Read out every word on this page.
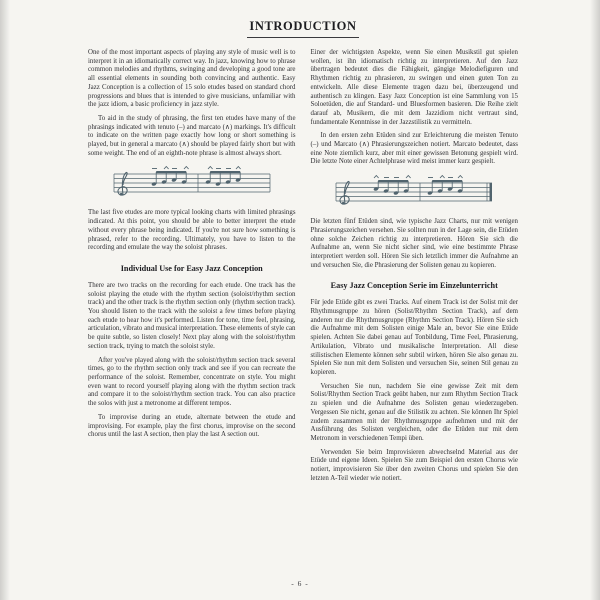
INTRODUCTION

One of the most important aspects of playing any style of music well is to interpret it in an idiomatically correct way. In jazz, knowing how to phrase common melodies and rhythms, swinging and developing a good tone are all essential elements in sounding both convincing and authentic. Easy Jazz Conception is a collection of 15 solo etudes based on standard chord progressions and blues that is intended to give musicians, unfamiliar with the jazz idiom, a basic proficiency in jazz style.

To aid in the study of phrasing, the first ten etudes have many of the phrasings indicated with tenuto (–) and marcato (∧) markings. It's difficult to indicate on the written page exactly how long or short something is played, but in general a marcato (∧) should be played fairly short but with some weight. The end of an eighth-note phrase is almost always short.

The last five etudes are more typical looking charts with limited phrasings indicated. At this point, you should be able to better interpret the etude without every phrase being indicated. If you're not sure how something is phrased, refer to the recording. Ultimately, you have to listen to the recording and emulate the way the soloist phrases.

Individual Use for Easy Jazz Conception

There are two tracks on the recording for each etude. One track has the soloist playing the etude with the rhythm section (soloist/rhythm section track) and the other track is the rhythm section only (rhythm section track). You should listen to the track with the soloist a few times before playing each etude to hear how it's performed. Listen for tone, time feel, phrasing, articulation, vibrato and musical interpretation. These elements of style can be quite subtle, so listen closely! Next play along with the soloist/rhythm section track, trying to match the soloist style.

After you've played along with the soloist/rhythm section track several times, go to the rhythm section only track and see if you can recreate the performance of the soloist. Remember, concentrate on style. You might even want to record yourself playing along with the rhythm section track and compare it to the soloist/rhythm section track. You can also practice the solos with just a metronome at different tempos.

To improvise during an etude, alternate between the etude and improvising. For example, play the first chorus, improvise on the second chorus until the last A section, then play the last A section out.

Einer der wichtigsten Aspekte, wenn Sie einen Musikstil gut spielen wollen, ist ihn idiomatisch richtig zu interpretieren. Auf den Jazz übertragen bedeutet dies die Fähigkeit, gängige Melodiefiguren und Rhythmen richtig zu phrasieren, zu swingen und einen guten Ton zu entwickeln. Alle diese Elemente tragen dazu bei, überzeugend und authentisch zu klingen. Easy Jazz Conception ist eine Sammlung von 15 Soloetüden, die auf Standard- und Bluesformen basieren. Die Reihe zielt darauf ab, Musikern, die mit dem Jazzidiom nicht vertraut sind, fundamentale Kenntnisse in der Jazzstilistik zu vermitteln.

In den ersten zehn Etüden sind zur Erleichterung die meisten Tenuto (–) und Marcato (∧) Phrasierungszeichen notiert. Marcato bedeutet, dass eine Note ziemlich kurz, aber mit einer gewissen Betonung gespielt wird. Die letzte Note einer Achtelphrase wird meist immer kurz gespielt.

Die letzten fünf Etüden sind, wie typische Jazz Charts, nur mit wenigen Phrasierungszeichen versehen. Sie sollten nun in der Lage sein, die Etüden ohne solche Zeichen richtig zu interpretieren. Hören Sie sich die Aufnahme an, wenn Sie nicht sicher sind, wie eine bestimmte Phrase interpretiert werden soll. Hören Sie sich letztlich immer die Aufnahme an und versuchen Sie, die Phrasierung der Solisten genau zu kopieren.

Easy Jazz Conception Serie im Einzelunterricht

Für jede Etüde gibt es zwei Tracks. Auf einem Track ist der Solist mit der Rhythmusgruppe zu hören (Solist/Rhythm Section Track), auf dem anderen nur die Rhythmusgruppe (Rhythm Section Track). Hören Sie sich die Aufnahme mit dem Solisten einige Male an, bevor Sie eine Etüde spielen. Achten Sie dabei genau auf Tonbildung, Time Feel, Phrasierung, Artikulation, Vibrato und musikalische Interpretation. All diese stilistischen Elemente können sehr subtil wirken, hören Sie also genau zu. Spielen Sie nun mit dem Solisten und versuchen Sie, seinen Stil genau zu kopieren.

Versuchen Sie nun, nachdem Sie eine gewisse Zeit mit dem Solist/Rhythm Section Track geübt haben, nur zum Rhythm Section Track zu spielen und die Aufnahme des Solisten genau wiederzugeben. Vergessen Sie nicht, genau auf die Stilistik zu achten. Sie können Ihr Spiel zudem zusammen mit der Rhythmusgruppe aufnehmen und mit der Ausführung des Solisten vergleichen, oder die Etüden nur mit dem Metronom in verschiedenen Tempi üben.

Verwenden Sie beim Improvisieren abwechselnd Material aus der Etüde und eigene Ideen. Spielen Sie zum Beispiel den ersten Chorus wie notiert, improvisieren Sie über den zweiten Chorus und spielen Sie den letzten A-Teil wieder wie notiert.

- 6 -
